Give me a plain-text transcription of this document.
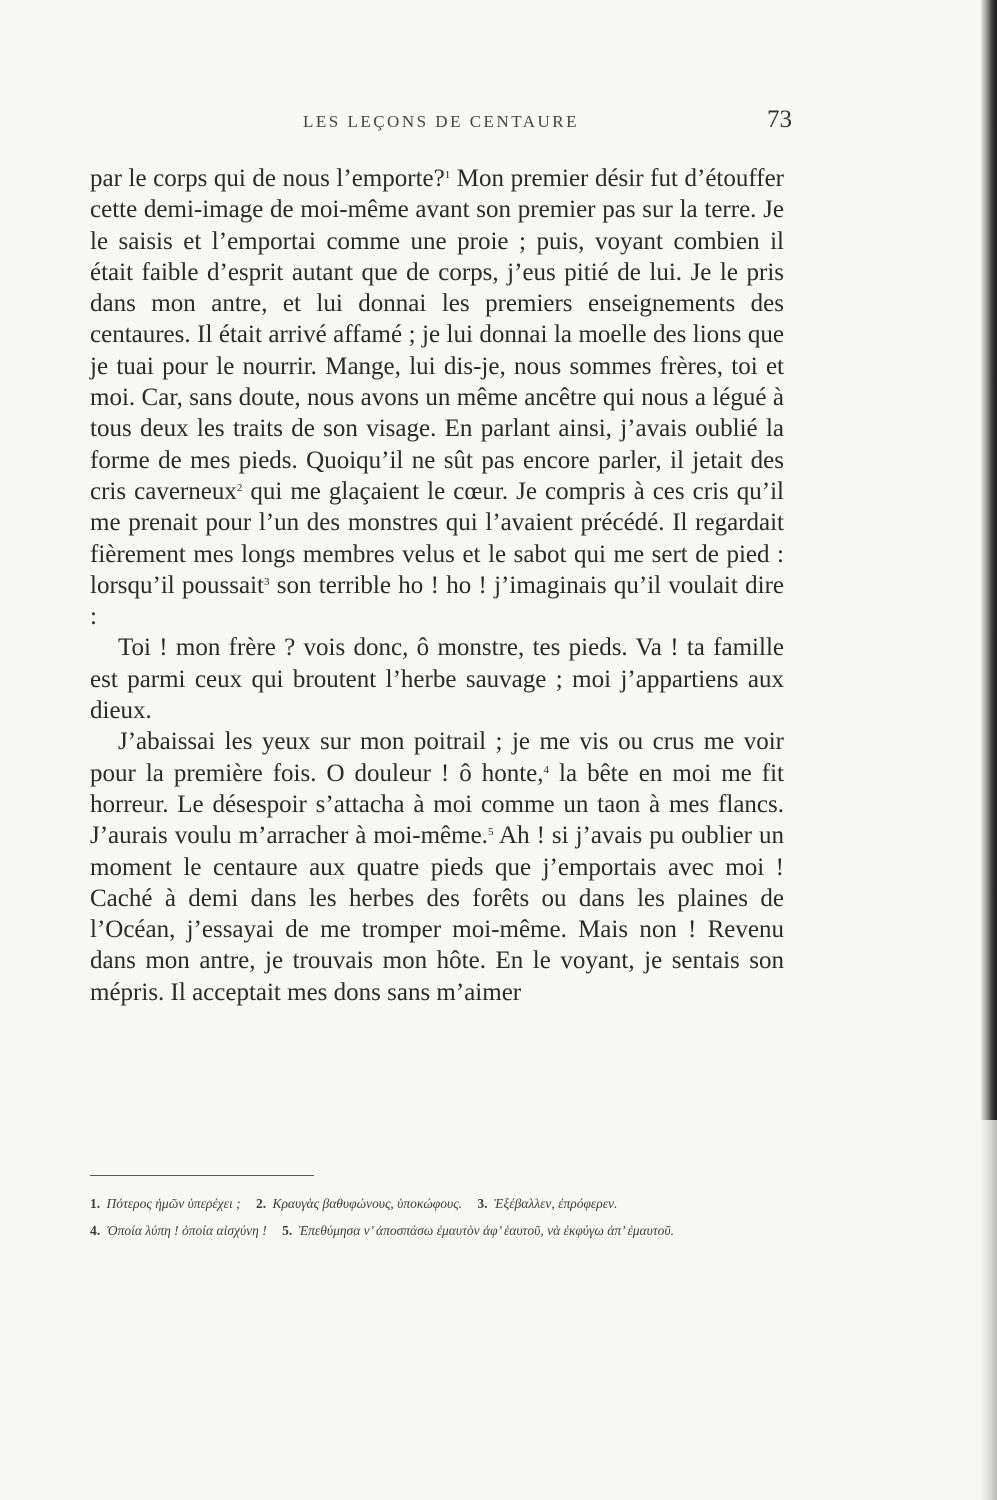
LES LEÇONS DE CENTAURE	73

par le corps qui de nous l’emporte?$^1$ Mon premier désir fut d’étouffer cette demi-image de moi-même avant son premier pas sur la terre. Je le saisis et l’emportai comme une proie ; puis, voyant combien il était faible d’esprit autant que de corps, j’eus pitié de lui. Je le pris dans mon antre, et lui donnai les premiers enseignements des centaures. Il était arrivé affamé ; je lui donnai la moelle des lions que je tuai pour le nourrir. Mange, lui dis-je, nous sommes frères, toi et moi. Car, sans doute, nous avons un même ancêtre qui nous a légué à tous deux les traits de son visage. En parlant ainsi, j’avais oublié la forme de mes pieds. Quoiqu’il ne sût pas encore parler, il jetait des cris caverneux$^2$ qui me glaçaient le cœur. Je compris à ces cris qu’il me prenait pour l’un des monstres qui l’avaient précédé. Il regardait fièrement mes longs membres velus et le sabot qui me sert de pied : lorsqu’il poussait$^3$ son terrible ho ! ho ! j’imaginais qu’il voulait dire :

Toi ! mon frère ? vois donc, ô monstre, tes pieds. Va ! ta famille est parmi ceux qui broutent l’herbe sauvage ; moi j’appartiens aux dieux.

J’abaissai les yeux sur mon poitrail ; je me vis ou crus me voir pour la première fois. O douleur ! ô honte,$^4$ la bête en moi me fit horreur. Le désespoir s’attacha à moi comme un taon à mes flancs. J’aurais voulu m’arracher à moi-même.$^5$ Ah ! si j’avais pu oublier un moment le centaure aux quatre pieds que j’emportais avec moi ! Caché à demi dans les herbes des forêts ou dans les plaines de l’Océan, j’essayai de me tromper moi-même. Mais non ! Revenu dans mon antre, je trouvais mon hôte. En le voyant, je sentais son mépris. Il acceptait mes dons sans m’aimer

1. Πότερος ἡμῶν ὑπερέχει ; 2. Κραυγὰς βαθυφώνους, ὑποκώφους. 3. Ἐξέβαλλεν, ἐπρόφερεν.
4. Ὁποία λύπη ! ὁποία αἰσχύνη ! 5. Ἐπεθύμησα ν’ ἀποσπάσω ἐμαυτὸν ἀφ’ ἑαυτοῦ, νὰ ἐκφύγω ἀπ’ ἐμαυτοῦ.
